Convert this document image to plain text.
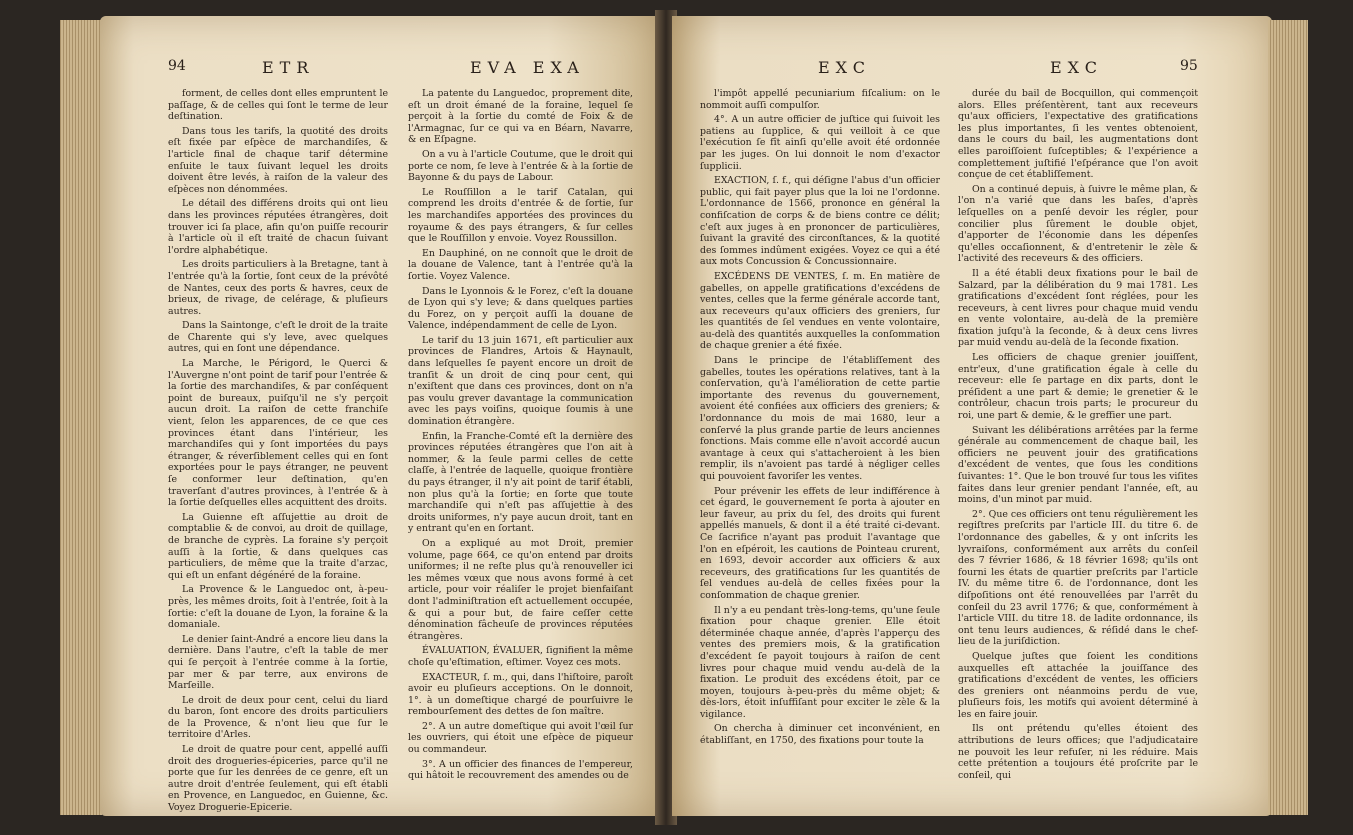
94	ETR	EVA EXA	EXC	EXC	95

forment, de celles dont elles empruntent le paſſage, & de celles qui ſont le terme de leur deſtination.

Dans tous les tarifs, la quotité des droits eſt fixée par eſpèce de marchandiſes, & l'article final de chaque tarif détermine enſuite le taux ſuivant lequel les droits doivent être levés, à raiſon de la valeur des eſpèces non dénommées.

Le détail des différens droits qui ont lieu dans les provinces réputées étrangères, doit trouver ici ſa place, afin qu'on puiſſe recourir à l'article où il eſt traité de chacun ſuivant l'ordre alphabétique.

Les droits particuliers à la Bretagne, tant à l'entrée qu'à la ſortie, ſont ceux de la prévôté de Nantes, ceux des ports & havres, ceux de brieux, de rivage, de celérage, & pluſieurs autres.

Dans la Saintonge, c'eſt le droit de la traite de Charente qui s'y leve, avec quelques autres, qui en ſont une dépendance.

La Marche, le Périgord, le Querci & l'Auvergne n'ont point de tarif pour l'entrée & la ſortie des marchandiſes, & par conſéquent point de bureaux, puiſqu'il ne s'y perçoit aucun droit. La raiſon de cette franchiſe vient, ſelon les apparences, de ce que ces provinces étant dans l'intérieur, les marchandiſes qui y ſont importées du pays étranger, & réverſiblement celles qui en ſont exportées pour le pays étranger, ne peuvent ſe conformer leur deſtination, qu'en traverſant d'autres provinces, à l'entrée & à la ſortie deſquelles elles acquittent des droits.

La Guienne eſt aſſujettie au droit de comptablie & de convoi, au droit de quillage, de branche de cyprès. La foraine s'y perçoit auſſi à la ſortie, & dans quelques cas particuliers, de même que la traite d'arzac, qui eſt un enfant dégénéré de la foraine.

La Provence & le Languedoc ont, à-peu-près, les mêmes droits, ſoit à l'entrée, ſoit à la ſortie: c'eſt la douane de Lyon, la foraine & la domaniale.

Le denier ſaint-André a encore lieu dans la dernière. Dans l'autre, c'eſt la table de mer qui ſe perçoit à l'entrée comme à la ſortie, par mer & par terre, aux environs de Marſeille.

Le droit de deux pour cent, celui du liard du baron, ſont encore des droits particuliers de la Provence, & n'ont lieu que ſur le territoire d'Arles.

Le droit de quatre pour cent, appellé auſſi droit des drogueries-épiceries, parce qu'il ne porte que ſur les denrées de ce genre, eſt un autre droit d'entrée ſeulement, qui eſt établi en Provence, en Languedoc, en Guienne, &c. Voyez Droguerie-Epicerie.

La patente du Languedoc, proprement dite, eſt un droit émané de la foraine, lequel ſe perçoit à la ſortie du comté de Foix & de l'Armagnac, ſur ce qui va en Béarn, Navarre, & en Eſpagne.

On a vu à l'article Coutume, que le droit qui porte ce nom, ſe leve à l'entrée & à la ſortie de Bayonne & du pays de Labour.

Le Rouſſillon a le tarif Catalan, qui comprend les droits d'entrée & de ſortie, ſur les marchandiſes apportées des provinces du royaume & des pays étrangers, & ſur celles que le Rouſſillon y envoie. Voyez Roussillon.

En Dauphiné, on ne connoît que le droit de la douane de Valence, tant à l'entrée qu'à la ſortie. Voyez Valence.

Dans le Lyonnois & le Forez, c'eſt la douane de Lyon qui s'y leve; & dans quelques parties du Forez, on y perçoit auſſi la douane de Valence, indépendamment de celle de Lyon.

Le tarif du 13 juin 1671, eſt particulier aux provinces de Flandres, Artois & Haynault, dans leſquelles ſe payent encore un droit de tranſit & un droit de cinq pour cent, qui n'exiſtent que dans ces provinces, dont on n'a pas voulu grever davantage la communication avec les pays voiſins, quoique ſoumis à une domination étrangère.

Enfin, la Franche-Comté eſt la dernière des provinces réputées étrangères que l'on ait à nommer, & la ſeule parmi celles de cette claſſe, à l'entrée de laquelle, quoique frontière du pays étranger, il n'y ait point de tarif établi, non plus qu'à la ſortie; en ſorte que toute marchandiſe qui n'eſt pas aſſujettie à des droits uniformes, n'y paye aucun droit, tant en y entrant qu'en en ſortant.

On a expliqué au mot Droit, premier volume, page 664, ce qu'on entend par droits uniformes; il ne reſte plus qu'à renouveller ici les mêmes vœux que nous avons formé à cet article, pour voir réaliſer le projet bienfaiſant dont l'adminiſtration eſt actuellement occupée, & qui a pour but, de faire ceſſer cette dénomination fâcheuſe de provinces réputées étrangères.

ÉVALUATION, ÉVALUER, ſignifient la même choſe qu'eſtimation, eſtimer. Voyez ces mots.

EXACTEUR, ſ. m., qui, dans l'hiſtoire, paroît avoir eu pluſieurs acceptions. On le donnoit, 1°. à un domeſtique chargé de pourſuivre le rembourſement des dettes de ſon maître.

2°. A un autre domeſtique qui avoit l'œil ſur les ouvriers, qui étoit une eſpèce de piqueur ou commandeur.

3°. A un officier des finances de l'empereur, qui hâtoit le recouvrement des amendes ou de

l'impôt appellé pecuniarium fiſcalium: on le nommoit auſſi compulſor.

4°. A un autre officier de juſtice qui ſuivoit les patiens au ſupplice, & qui veilloit à ce que l'exécution ſe fît ainſi qu'elle avoit été ordonnée par les juges. On lui donnoit le nom d'exactor ſupplicii.

EXACTION, ſ. f., qui déſigne l'abus d'un officier public, qui fait payer plus que la loi ne l'ordonne. L'ordonnance de 1566, prononce en général la confiſcation de corps & de biens contre ce délit; c'eſt aux juges à en prononcer de particulières, ſuivant la gravité des circonſtances, & la quotité des ſommes indûment exigées. Voyez ce qui a été aux mots Concussion & Concussionnaire.

EXCÉDENS DE VENTES, ſ. m. En matière de gabelles, on appelle gratifications d'excédens de ventes, celles que la ferme générale accorde tant, aux receveurs qu'aux officiers des greniers, ſur les quantités de ſel vendues en vente volontaire, au-delà des quantités auxquelles la conſommation de chaque grenier a été fixée.

Dans le principe de l'établiſſement des gabelles, toutes les opérations relatives, tant à la conſervation, qu'à l'amélioration de cette partie importante des revenus du gouvernement, avoient été confiées aux officiers des greniers; & l'ordonnance du mois de mai 1680, leur a conſervé la plus grande partie de leurs anciennes fonctions. Mais comme elle n'avoit accordé aucun avantage à ceux qui s'attacheroient à les bien remplir, ils n'avoient pas tardé à négliger celles qui pouvoient favoriſer les ventes.

Pour prévenir les effets de leur indifférence à cet égard, le gouvernement ſe porta à ajouter en leur faveur, au prix du ſel, des droits qui furent appellés manuels, & dont il a été traité ci-devant. Ce ſacrifice n'ayant pas produit l'avantage que l'on en eſpéroit, les cautions de Pointeau crurent, en 1693, devoir accorder aux officiers & aux receveurs, des gratifications ſur les quantités de ſel vendues au-delà de celles fixées pour la conſommation de chaque grenier.

Il n'y a eu pendant très-long-tems, qu'une ſeule fixation pour chaque grenier. Elle étoit déterminée chaque année, d'après l'apperçu des ventes des premiers mois, & la gratification d'excédent ſe payoit toujours à raiſon de cent livres pour chaque muid vendu au-delà de la fixation. Le produit des excédens étoit, par ce moyen, toujours à-peu-près du même objet; & dès-lors, étoit inſuffiſant pour exciter le zèle & la vigilance.

On chercha à diminuer cet inconvénient, en établiſſant, en 1750, des fixations pour toute la

durée du bail de Bocquillon, qui commençoit alors. Elles préſentèrent, tant aux receveurs qu'aux officiers, l'expectative des gratifications les plus importantes, ſi les ventes obtenoient, dans le cours du bail, les augmentations dont elles paroiſſoient ſuſceptibles; & l'expérience a complettement juſtifié l'eſpérance que l'on avoit conçue de cet établiſſement.

On a continué depuis, à ſuivre le même plan, & l'on n'a varié que dans les baſes, d'après leſquelles on a penſé devoir les régler, pour concilier plus ſûrement le double objet, d'apporter de l'économie dans les dépenſes qu'elles occaſionnent, & d'entretenir le zèle & l'activité des receveurs & des officiers.

Il a été établi deux fixations pour le bail de Salzard, par la délibération du 9 mai 1781. Les gratifications d'excédent ſont réglées, pour les receveurs, à cent livres pour chaque muid vendu en vente volontaire, au-delà de la première fixation juſqu'à la ſeconde, & à deux cens livres par muid vendu au-delà de la ſeconde fixation.

Les officiers de chaque grenier jouiſſent, entr'eux, d'une gratification égale à celle du receveur: elle ſe partage en dix parts, dont le préſident a une part & demie; le grenetier & le contrôleur, chacun trois parts; le procureur du roi, une part & demie, & le greffier une part.

Suivant les délibérations arrêtées par la ferme générale au commencement de chaque bail, les officiers ne peuvent jouir des gratifications d'excédent de ventes, que ſous les conditions ſuivantes: 1°. Que le bon trouvé ſur tous les viſites faites dans leur grenier pendant l'année, eſt, au moins, d'un minot par muid.

2°. Que ces officiers ont tenu régulièrement les regiſtres preſcrits par l'article III. du titre 6. de l'ordonnance des gabelles, & y ont inſcrits les lyvraiſons, conformément aux arrêts du conſeil des 7 février 1686, & 18 février 1698; qu'ils ont fourni les états de quartier preſcrits par l'article IV. du même titre 6. de l'ordonnance, dont les diſpoſitions ont été renouvellées par l'arrêt du conſeil du 23 avril 1776; & que, conformément à l'article VIII. du titre 18. de ladite ordonnance, ils ont tenu leurs audiences, & réſidé dans le chef-lieu de la juriſdiction.

Quelque juſtes que ſoient les conditions auxquelles eſt attachée la jouiſſance des gratifications d'excédent de ventes, les officiers des greniers ont néanmoins perdu de vue, pluſieurs fois, les motifs qui avoient déterminé à les en faire jouir.

Ils ont prétendu qu'elles étoient des attributions de leurs offices; que l'adjudicataire ne pouvoit les leur refuſer, ni les réduire. Mais cette prétention a toujours été proſcrite par le conſeil, qui
